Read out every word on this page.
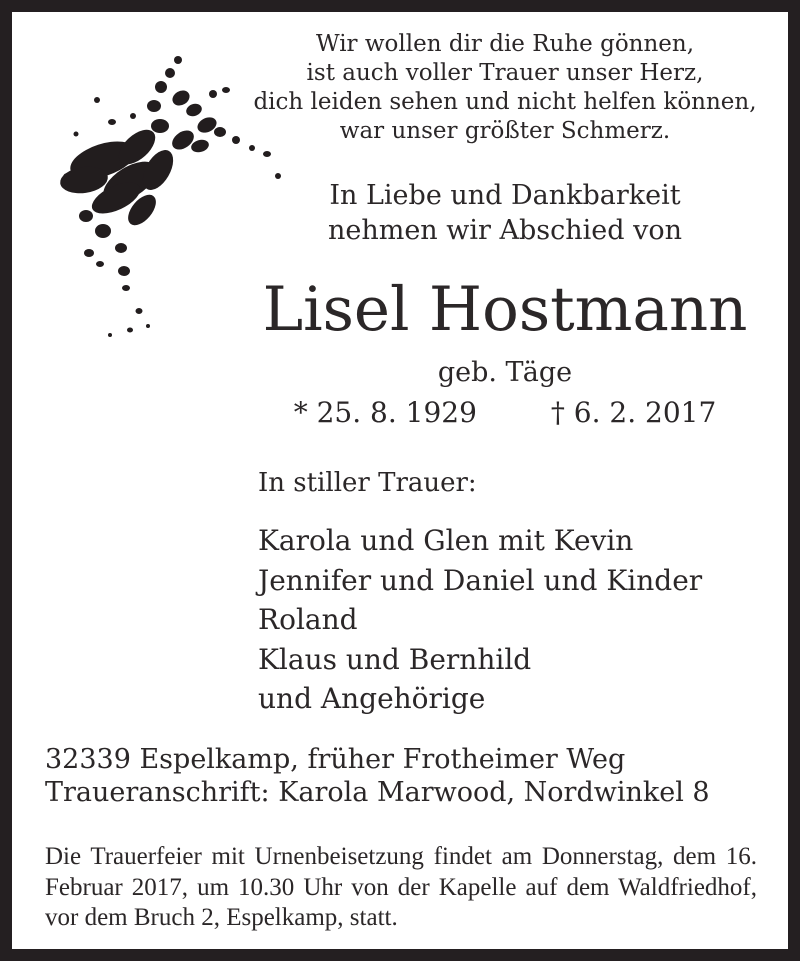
Wir wollen dir die Ruhe gönnen,
ist auch voller Trauer unser Herz,
dich leiden sehen und nicht helfen können,
war unser größter Schmerz.
In Liebe und Dankbarkeit
nehmen wir Abschied von
Lisel Hostmann
geb. Täge
* 25. 8. 1929	† 6. 2. 2017
In stiller Trauer:
Karola und Glen mit Kevin
Jennifer und Daniel und Kinder
Roland
Klaus und Bernhild
und Angehörige
32339 Espelkamp, früher Frotheimer Weg
Traueranschrift: Karola Marwood, Nordwinkel 8
Die Trauerfeier mit Urnenbeisetzung findet am Donnerstag, dem 16. Februar 2017, um 10.30 Uhr von der Kapelle auf dem Waldfriedhof, vor dem Bruch 2, Espelkamp, statt.
